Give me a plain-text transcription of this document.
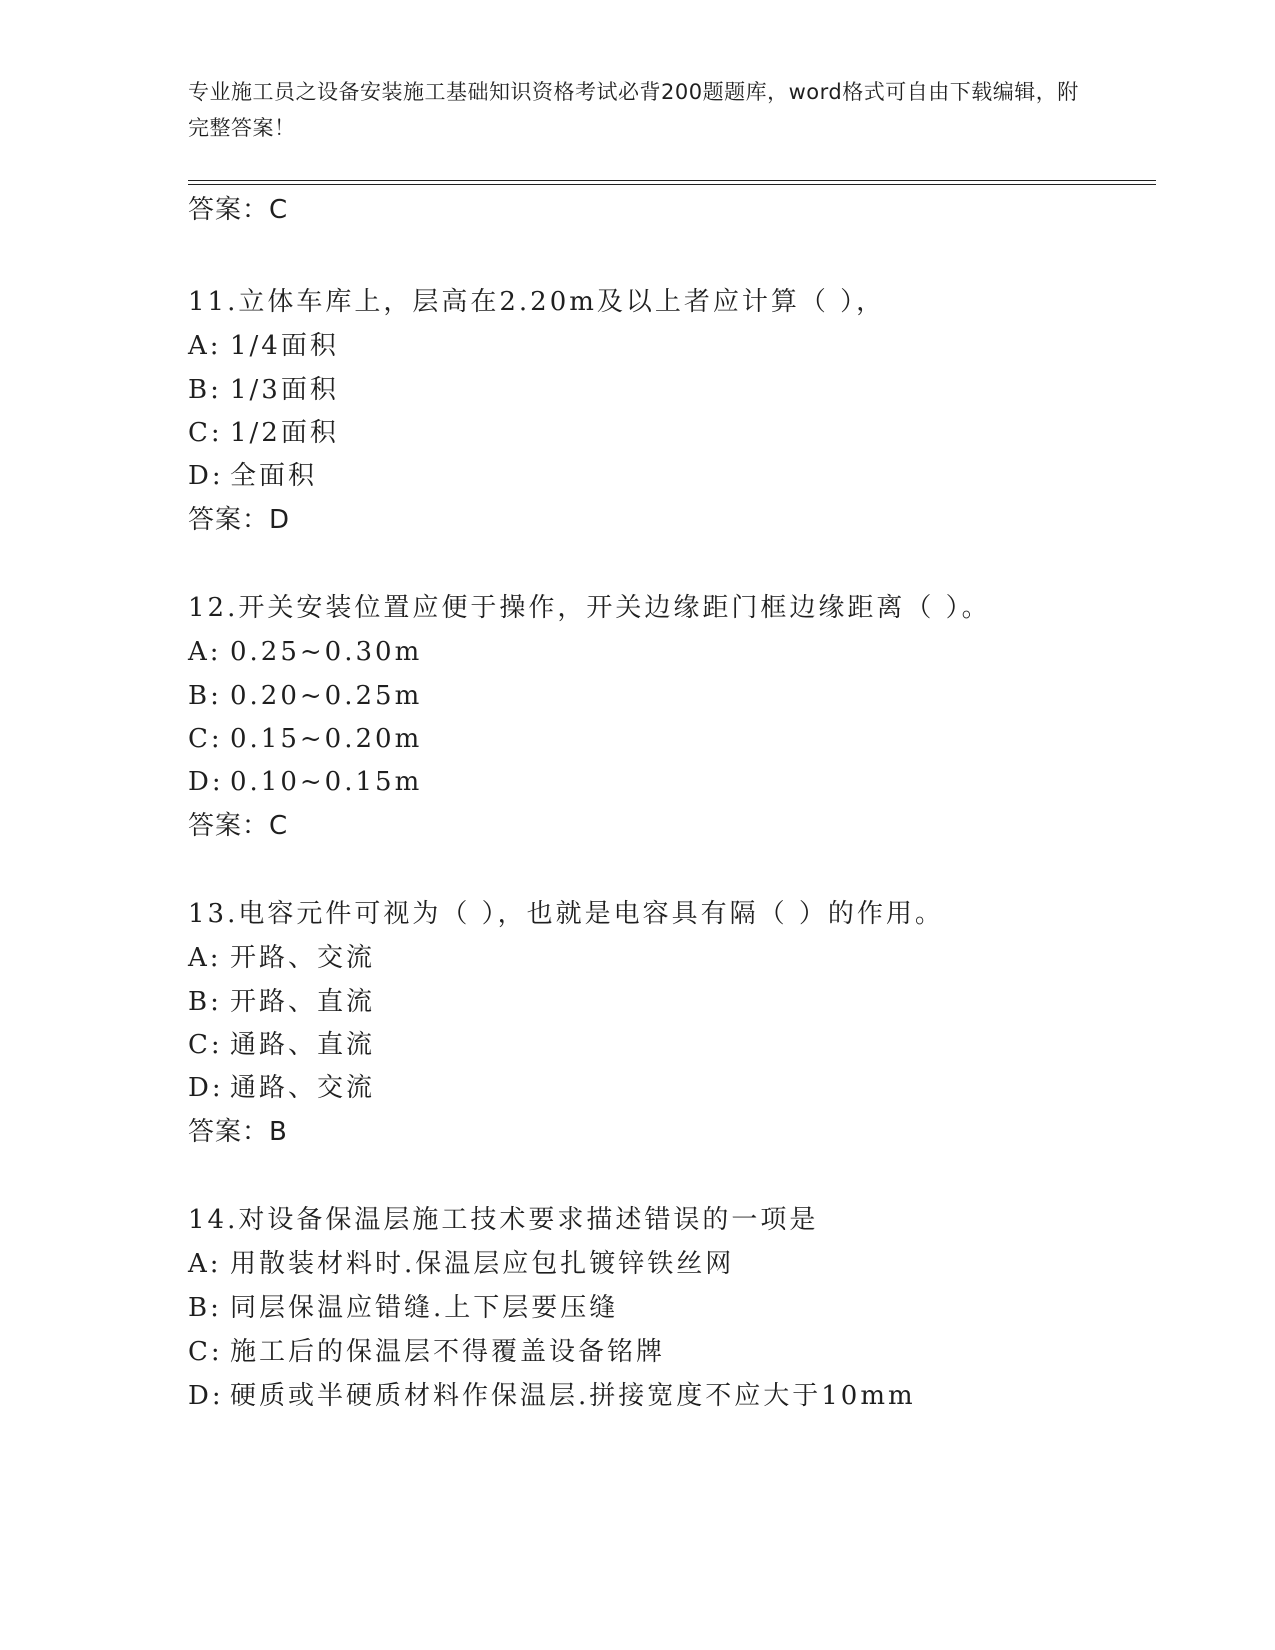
专业施工员之设备安装施工基础知识资格考试必背200题题库，word格式可自由下载编辑，附完整答案！
答案：C
11.立体车库上，层高在2.20m及以上者应计算（ ），
A: 1/4面积
B: 1/3面积
C: 1/2面积
D: 全面积
答案：D
12.开关安装位置应便于操作，开关边缘距门框边缘距离（ ）。
A: 0.25~0.30m
B: 0.20~0.25m
C: 0.15~0.20m
D: 0.10~0.15m
答案：C
13.电容元件可视为（ ），也就是电容具有隔（ ）的作用。
A: 开路、交流
B: 开路、直流
C: 通路、直流
D: 通路、交流
答案：B
14.对设备保温层施工技术要求描述错误的一项是
A: 用散装材料时.保温层应包扎镀锌铁丝网
B: 同层保温应错缝.上下层要压缝
C: 施工后的保温层不得覆盖设备铭牌
D: 硬质或半硬质材料作保温层.拼接宽度不应大于10mm
